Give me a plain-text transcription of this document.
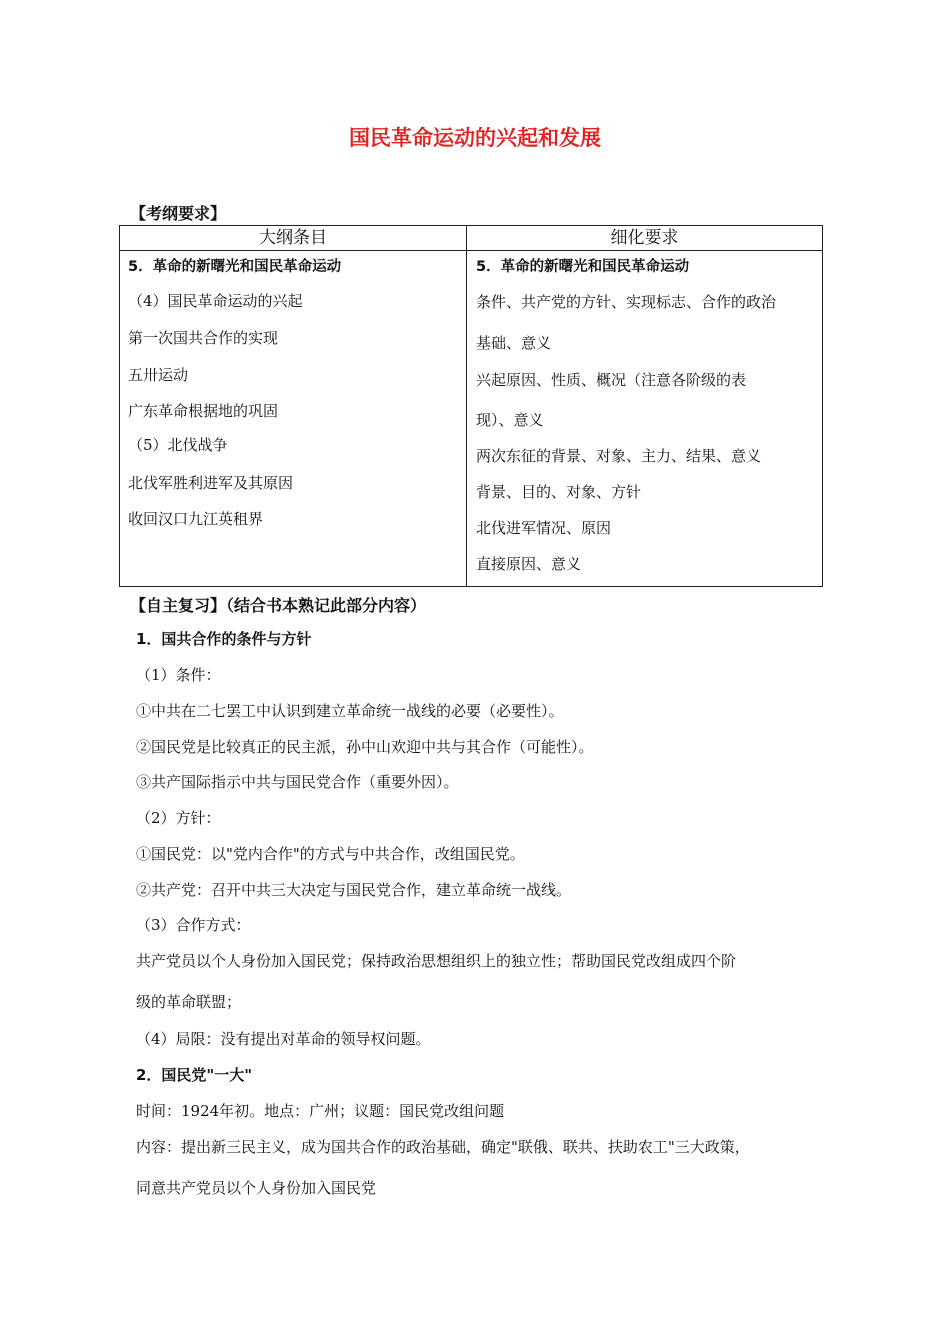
国民革命运动的兴起和发展
【考纲要求】
大纲条目	细化要求
5．革命的新曙光和国民革命运动
（4）国民革命运动的兴起
第一次国共合作的实现
五卅运动
广东革命根据地的巩固
（5）北伐战争
北伐军胜利进军及其原因
收回汉口九江英租界
5．革命的新曙光和国民革命运动
条件、共产党的方针、实现标志、合作的政治
基础、意义
兴起原因、性质、概况（注意各阶级的表
现）、意义
两次东征的背景、对象、主力、结果、意义
背景、目的、对象、方针
北伐进军情况、原因
直接原因、意义
【自主复习】（结合书本熟记此部分内容）
1．国共合作的条件与方针
（1）条件：
①中共在二七罢工中认识到建立革命统一战线的必要（必要性）。
②国民党是比较真正的民主派，孙中山欢迎中共与其合作（可能性）。
③共产国际指示中共与国民党合作（重要外因）。
（2）方针：
①国民党：以"党内合作"的方式与中共合作，改组国民党。
②共产党：召开中共三大决定与国民党合作，建立革命统一战线。
（3）合作方式：
共产党员以个人身份加入国民党；保持政治思想组织上的独立性；帮助国民党改组成四个阶
级的革命联盟；
（4）局限：没有提出对革命的领导权问题。
2．国民党"一大"
时间：1924年初。地点：广州；议题：国民党改组问题
内容：提出新三民主义，成为国共合作的政治基础，确定"联俄、联共、扶助农工"三大政策，
同意共产党员以个人身份加入国民党
